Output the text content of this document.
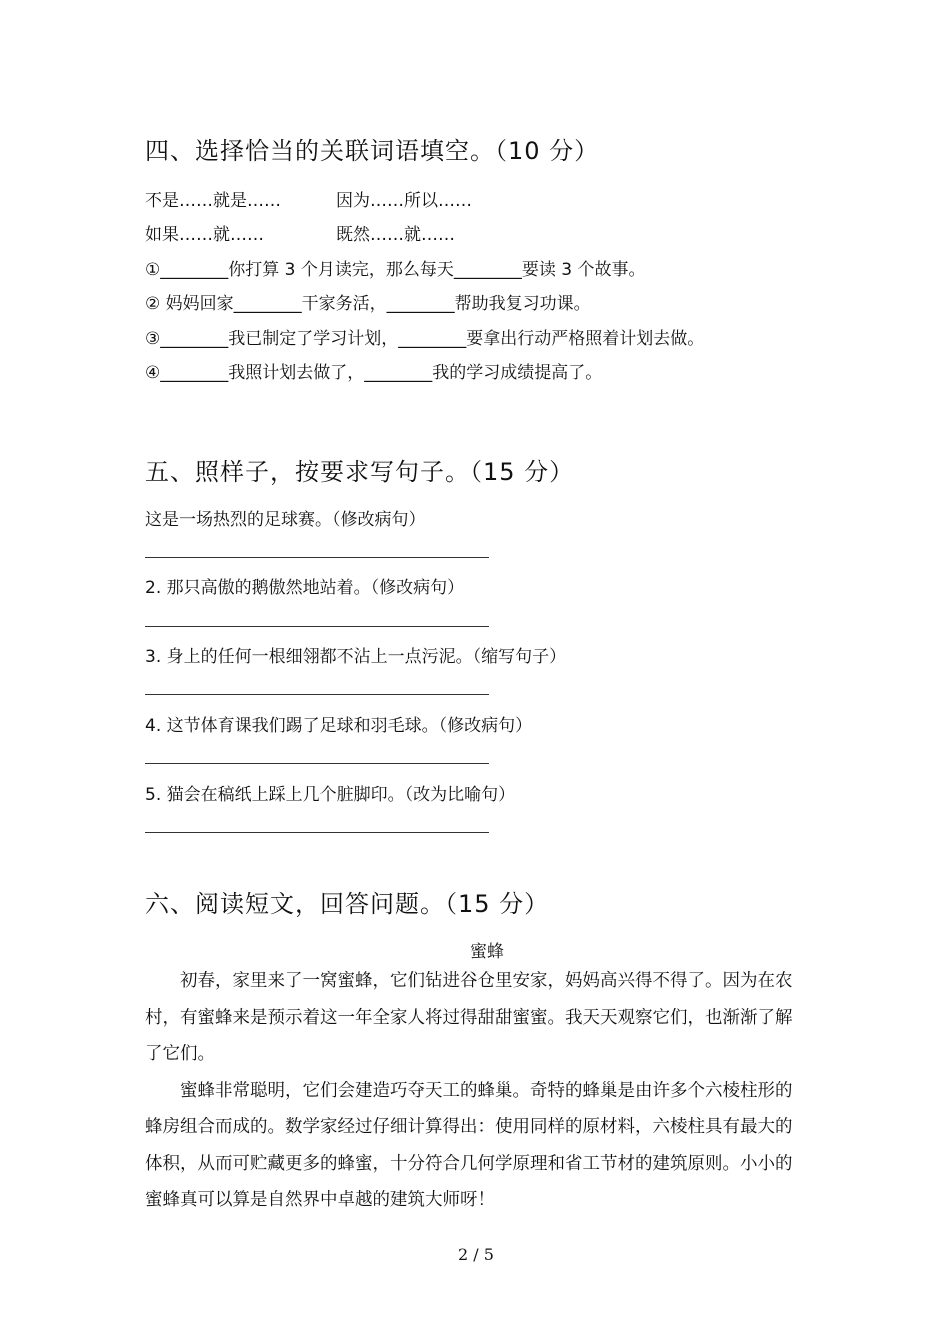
四、选择恰当的关联词语填空。（10 分）
不是……就是……	因为……所以……
如果……就……	既然……就……
①________你打算 3 个月读完，那么每天________要读 3 个故事。
② 妈妈回家________干家务活，________帮助我复习功课。
③________我已制定了学习计划，________要拿出行动严格照着计划去做。
④________我照计划去做了，________我的学习成绩提高了。
五、照样子，按要求写句子。（15 分）
这是一场热烈的足球赛。（修改病句）
2. 那只高傲的鹅傲然地站着。（修改病句）
3. 身上的任何一根细翎都不沾上一点污泥。（缩写句子）
4. 这节体育课我们踢了足球和羽毛球。（修改病句）
5. 猫会在稿纸上踩上几个脏脚印。（改为比喻句）
六、阅读短文，回答问题。（15 分）
蜜蜂

初春，家里来了一窝蜜蜂，它们钻进谷仓里安家，妈妈高兴得不得了。因为在农村，有蜜蜂来是预示着这一年全家人将过得甜甜蜜蜜。我天天观察它们，也渐渐了解了它们。

蜜蜂非常聪明，它们会建造巧夺天工的蜂巢。奇特的蜂巢是由许多个六棱柱形的蜂房组合而成的。数学家经过仔细计算得出：使用同样的原材料，六棱柱具有最大的体积，从而可贮藏更多的蜂蜜，十分符合几何学原理和省工节材的建筑原则。小小的蜜蜂真可以算是自然界中卓越的建筑大师呀！

2 / 5
